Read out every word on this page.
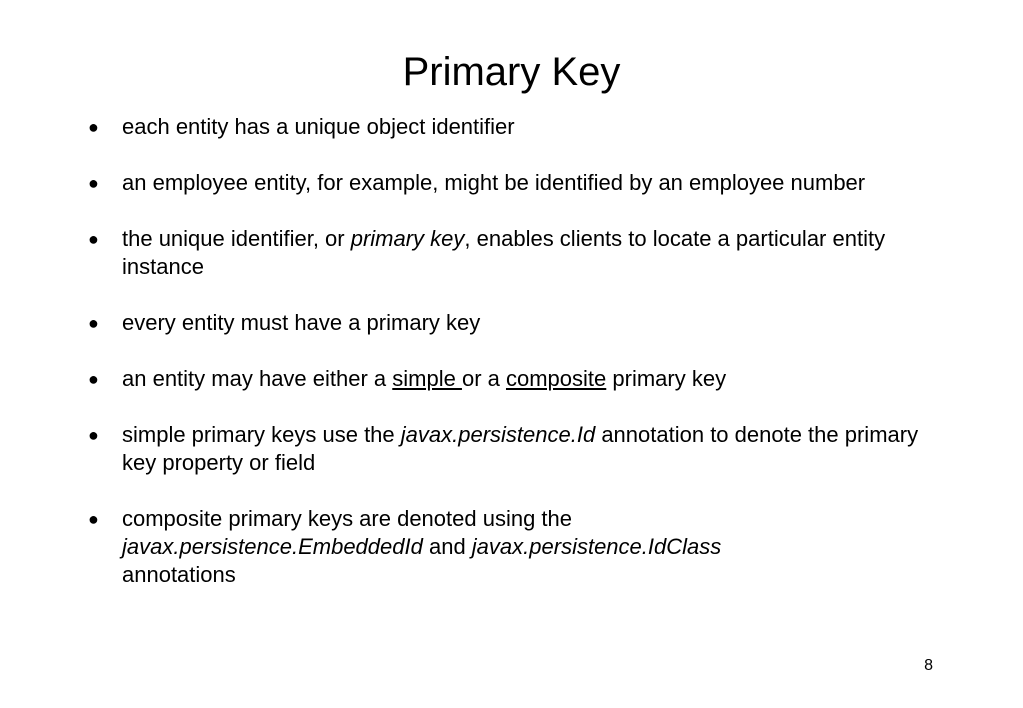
Primary Key
● each entity has a unique object identifier
● an employee entity, for example, might be identified by an employee number
● the unique identifier, or primary key, enables clients to locate a particular entity instance
● every entity must have a primary key
● an entity may have either a simple or a composite primary key
● simple primary keys use the javax.persistence.Id annotation to denote the primary key property or field
● composite primary keys are denoted using the
javax.persistence.EmbeddedId and javax.persistence.IdClass
annotations
8
